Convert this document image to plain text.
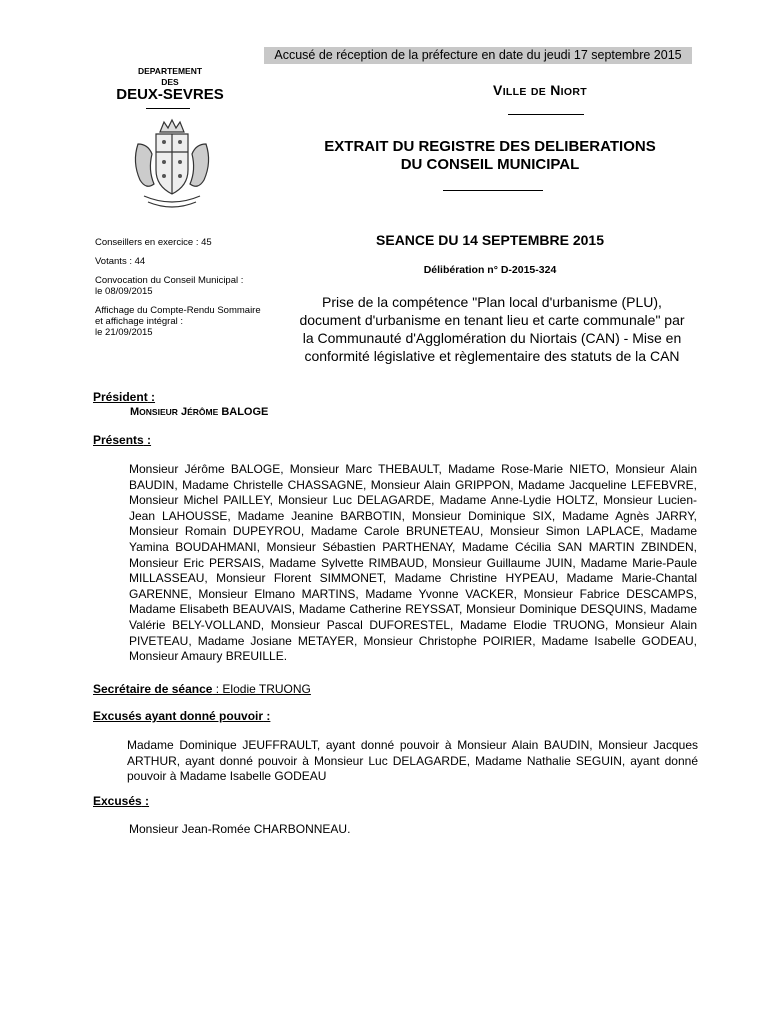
Accusé de réception de la préfecture en date du jeudi 17 septembre 2015
DEPARTEMENT
DES
DEUX-SEVRES	VILLE DE NIORT
EXTRAIT DU REGISTRE DES DELIBERATIONS
DU CONSEIL MUNICIPAL
Conseillers en exercice : 45
Votants : 44
Convocation du Conseil Municipal :
le 08/09/2015
Affichage du Compte-Rendu Sommaire
et affichage intégral :
le 21/09/2015
SEANCE DU 14 SEPTEMBRE 2015
Délibération n° D-2015-324
Prise de la compétence "Plan local d'urbanisme (PLU),
document d'urbanisme en tenant lieu et carte communale" par
la Communauté d'Agglomération du Niortais (CAN) - Mise en
conformité législative et règlementaire des statuts de la CAN
Président :
MONSIEUR JÉRÔME BALOGE
Présents :
Monsieur Jérôme BALOGE, Monsieur Marc THEBAULT, Madame Rose-Marie NIETO, Monsieur Alain BAUDIN, Madame Christelle CHASSAGNE, Monsieur Alain GRIPPON, Madame Jacqueline LEFEBVRE, Monsieur Michel PAILLEY, Monsieur Luc DELAGARDE, Madame Anne-Lydie HOLTZ, Monsieur Lucien-Jean LAHOUSSE, Madame Jeanine BARBOTIN, Monsieur Dominique SIX, Madame Agnès JARRY, Monsieur Romain DUPEYROU, Madame Carole BRUNETEAU, Monsieur Simon LAPLACE, Madame Yamina BOUDAHMANI, Monsieur Sébastien PARTHENAY, Madame Cécilia SAN MARTIN ZBINDEN, Monsieur Eric PERSAIS, Madame Sylvette RIMBAUD, Monsieur Guillaume JUIN, Madame Marie-Paule MILLASSEAU, Monsieur Florent SIMMONET, Madame Christine HYPEAU, Madame Marie-Chantal GARENNE, Monsieur Elmano MARTINS, Madame Yvonne VACKER, Monsieur Fabrice DESCAMPS, Madame Elisabeth BEAUVAIS, Madame Catherine REYSSAT, Monsieur Dominique DESQUINS, Madame Valérie BELY-VOLLAND, Monsieur Pascal DUFORESTEL, Madame Elodie TRUONG, Monsieur Alain PIVETEAU, Madame Josiane METAYER, Monsieur Christophe POIRIER, Madame Isabelle GODEAU, Monsieur Amaury BREUILLE.
Secrétaire de séance : Elodie TRUONG
Excusés ayant donné pouvoir :
Madame Dominique JEUFFRAULT, ayant donné pouvoir à Monsieur Alain BAUDIN, Monsieur Jacques ARTHUR, ayant donné pouvoir à Monsieur Luc DELAGARDE, Madame Nathalie SEGUIN, ayant donné pouvoir à Madame Isabelle GODEAU
Excusés :
Monsieur Jean-Romée CHARBONNEAU.
